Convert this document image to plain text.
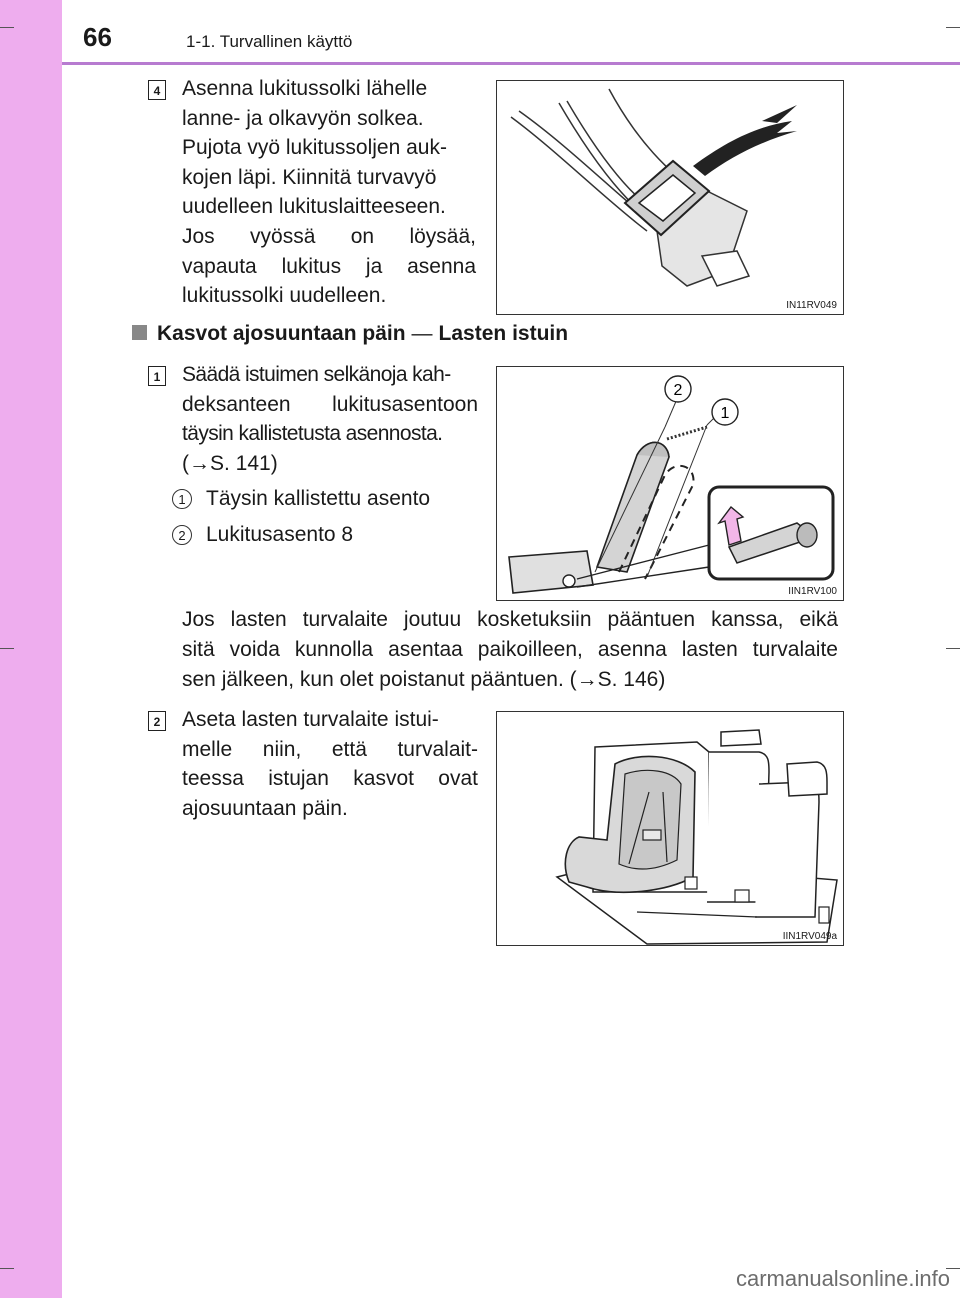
66	1-1. Turvallinen käyttö
4 Asenna lukitussolki lähelle
lanne- ja olkavyön solkea.
Pujota vyö lukitussoljen auk-
kojen läpi. Kiinnitä turvavyö
uudelleen lukituslaitteeseen.
Jos vyössä on löysää,
vapauta lukitus ja asenna
lukitussolki uudelleen.	IN11RV049
Kasvot ajosuuntaan päin — Lasten istuin
1 Säädä istuimen selkänoja kah-
deksanteen lukitusasentoon
täysin kallistetusta asennosta.
(→S. 141)
1 Täysin kallistettu asento
2 Lukitusasento 8
2
1
IIN1RV100
Jos lasten turvalaite joutuu kosketuksiin pääntuen kanssa, eikä
sitä voida kunnolla asentaa paikoilleen, asenna lasten turvalaite
sen jälkeen, kun olet poistanut pääntuen. (→S. 146)
2 Aseta lasten turvalaite istui-
melle niin, että turvalait-
teessa istujan kasvot ovat
ajosuuntaan päin.
IIN1RV049a
carmanualsonline.info
